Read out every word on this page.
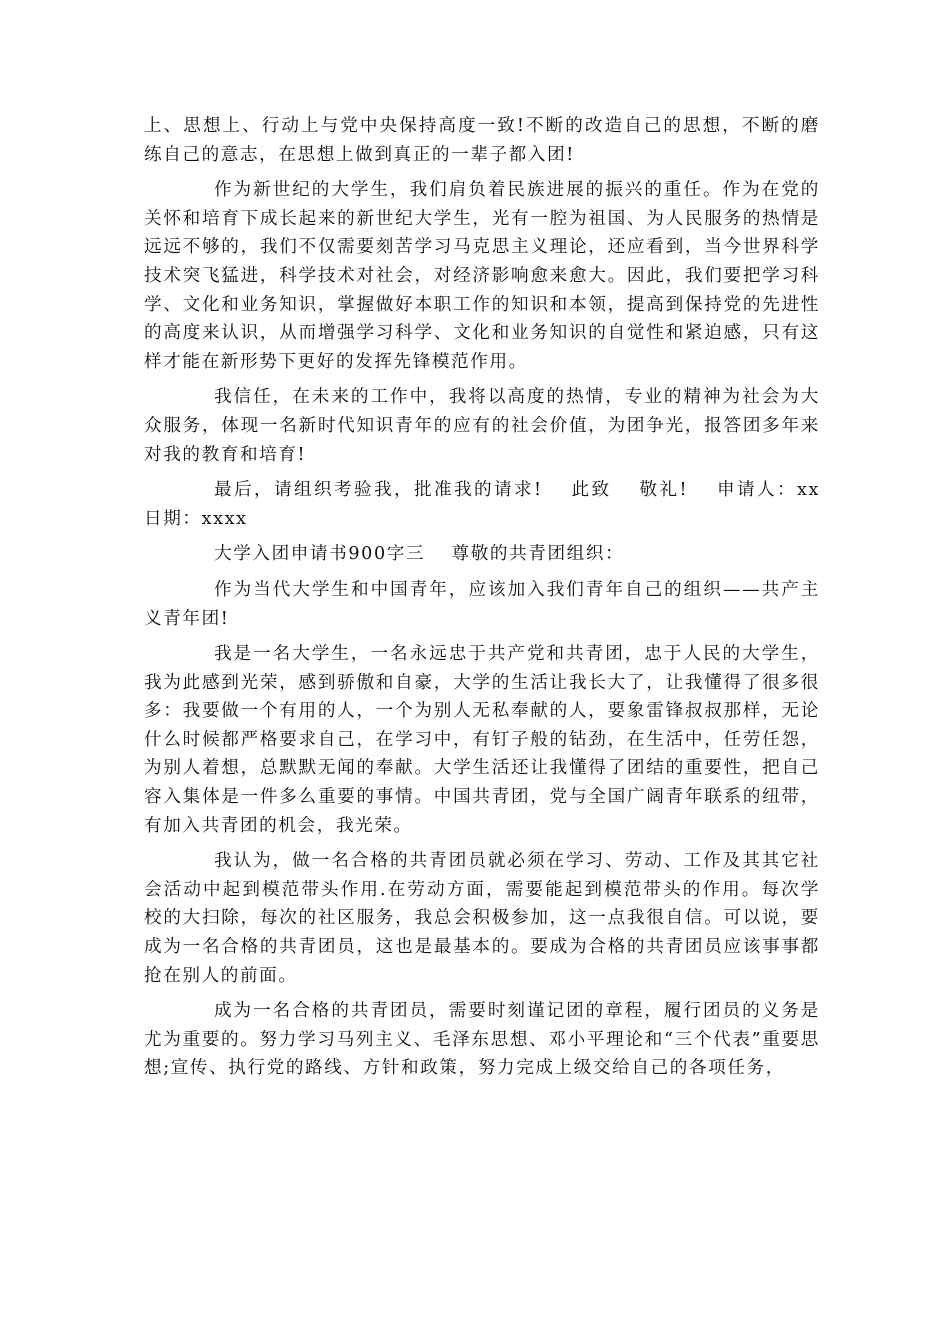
上、思想上、行动上与党中央保持高度一致!不断的改造自己的思想，不断的磨练自己的意志，在思想上做到真正的一辈子都入团!

作为新世纪的大学生，我们肩负着民族进展的振兴的重任。作为在党的关怀和培育下成长起来的新世纪大学生，光有一腔为祖国、为人民服务的热情是远远不够的，我们不仅需要刻苦学习马克思主义理论，还应看到，当今世界科学技术突飞猛进，科学技术对社会，对经济影响愈来愈大。因此，我们要把学习科学、文化和业务知识，掌握做好本职工作的知识和本领，提高到保持党的先进性的高度来认识，从而增强学习科学、文化和业务知识的自觉性和紧迫感，只有这样才能在新形势下更好的发挥先锋模范作用。

我信任，在未来的工作中，我将以高度的热情，专业的精神为社会为大众服务，体现一名新时代知识青年的应有的社会价值，为团争光，报答团多年来对我的教育和培育!

最后，请组织考验我，批准我的请求!　 此致　 敬礼!　 申请人：xx 日期：xxxx

大学入团申请书900字三　 尊敬的共青团组织：

作为当代大学生和中国青年，应该加入我们青年自己的组织——共产主义青年团!

我是一名大学生，一名永远忠于共产党和共青团，忠于人民的大学生，我为此感到光荣，感到骄傲和自豪，大学的生活让我长大了，让我懂得了很多很多：我要做一个有用的人，一个为别人无私奉献的人，要象雷锋叔叔那样，无论什么时候都严格要求自己，在学习中，有钉子般的钻劲，在生活中，任劳任怨，为别人着想，总默默无闻的奉献。大学生活还让我懂得了团结的重要性，把自己容入集体是一件多么重要的事情。中国共青团，党与全国广阔青年联系的纽带，有加入共青团的机会，我光荣。

我认为，做一名合格的共青团员就必须在学习、劳动、工作及其其它社会活动中起到模范带头作用.在劳动方面，需要能起到模范带头的作用。每次学校的大扫除，每次的社区服务，我总会积极参加，这一点我很自信。可以说，要成为一名合格的共青团员，这也是最基本的。要成为合格的共青团员应该事事都抢在别人的前面。

成为一名合格的共青团员，需要时刻谨记团的章程，履行团员的义务是尤为重要的。努力学习马列主义、毛泽东思想、邓小平理论和“三个代表”重要思想;宣传、执行党的路线、方针和政策，努力完成上级交给自己的各项任务，
